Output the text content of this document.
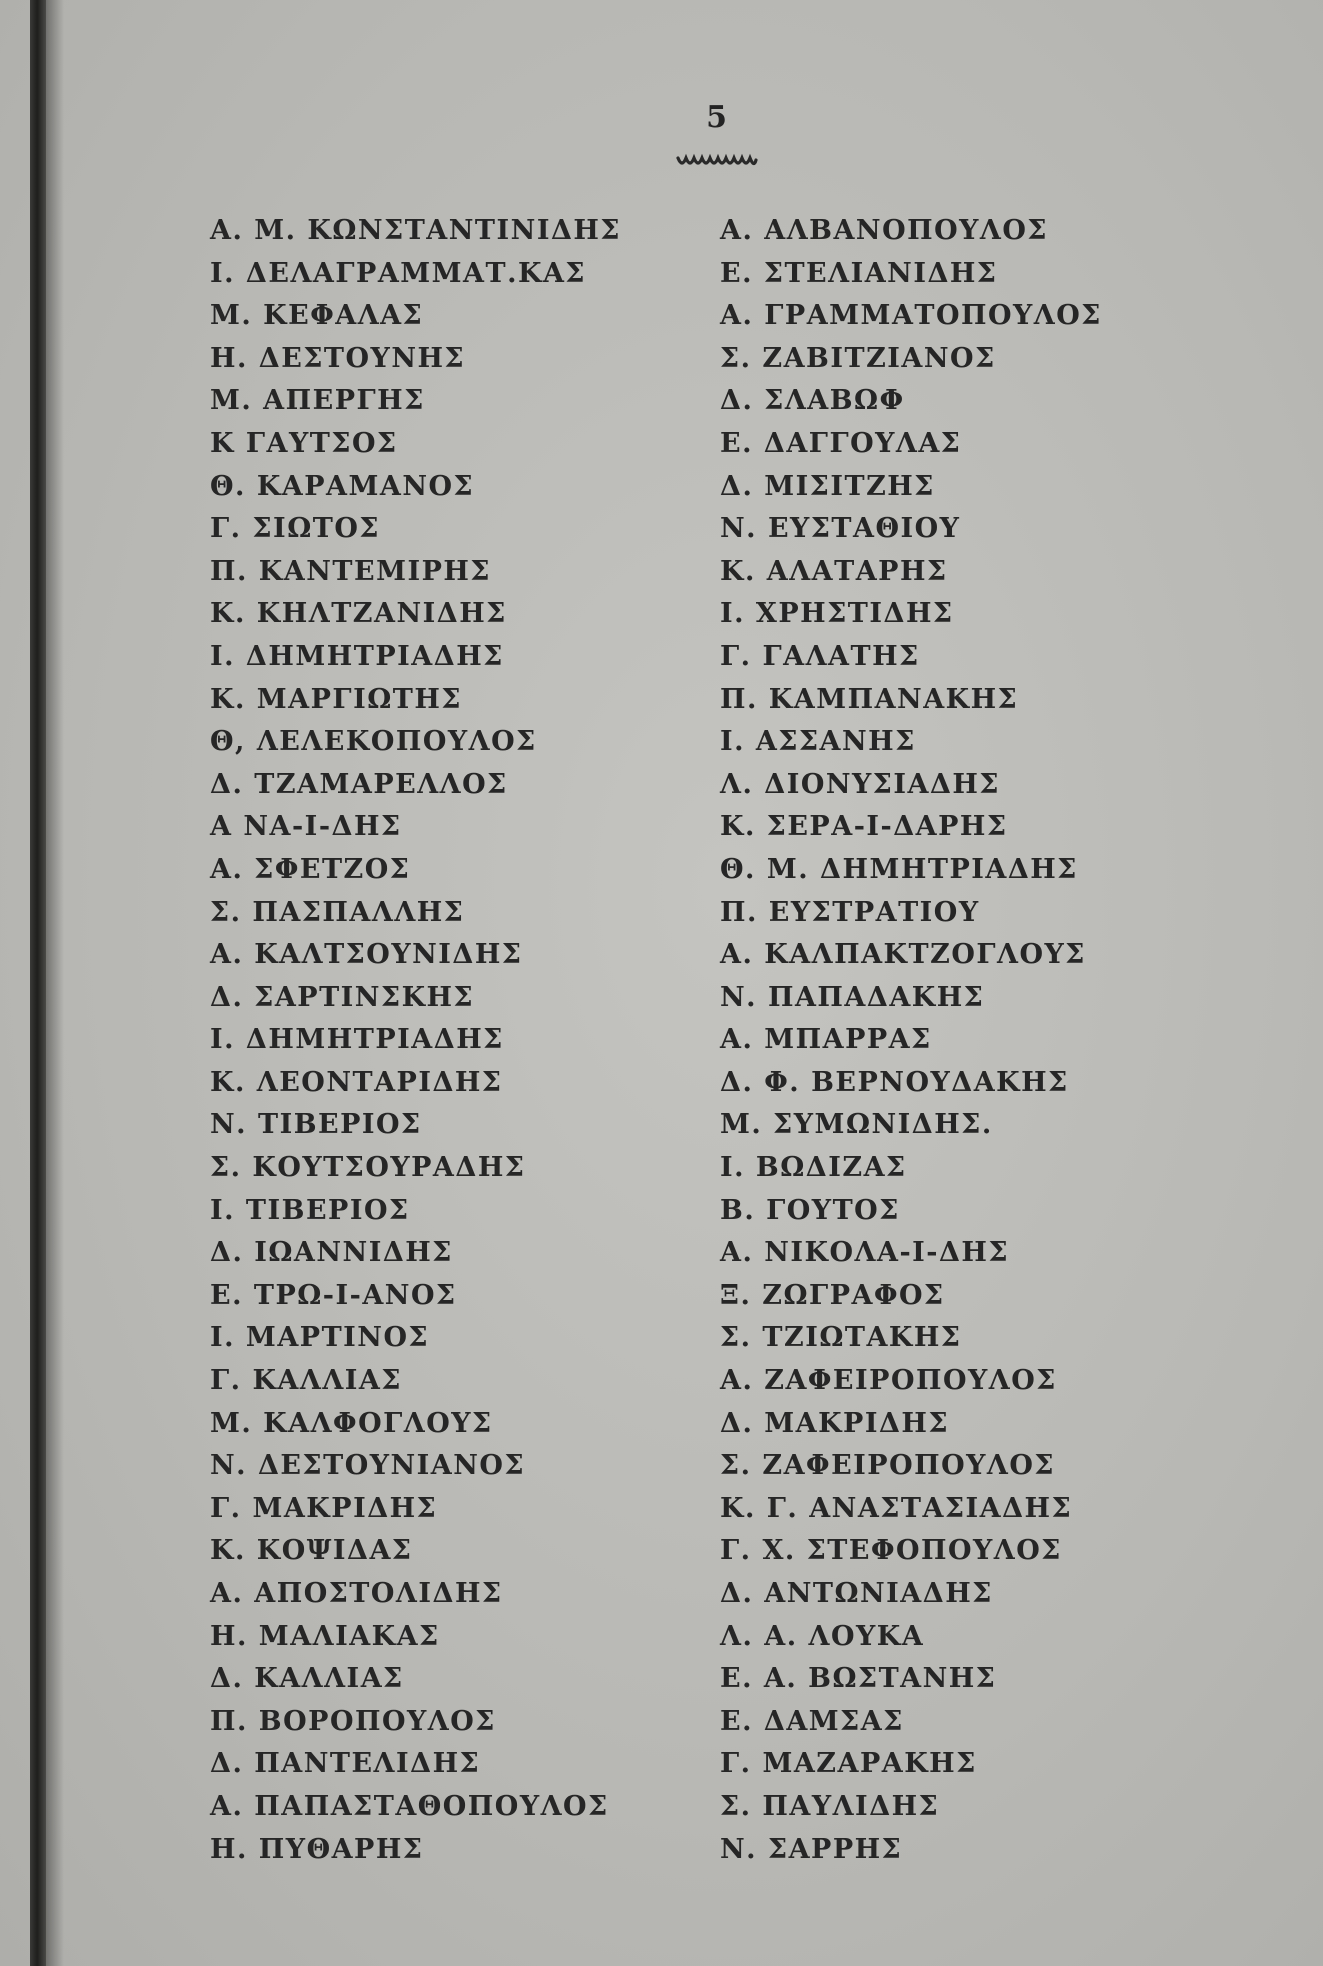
5
Α. Μ. ΚΩΝΣΤΑΝΤΙΝΙΔΗΣ
Ι. ΔΕΛΑΓΡΑΜΜΑΤ.ΚΑΣ
Μ. ΚΕΦΑΛΑΣ
Η. ΔΕΣΤΟΥΝΗΣ
Μ. ΑΠΕΡΓΗΣ
Κ ΓΑΥΤΣΟΣ
Θ. ΚΑΡΑΜΑΝΟΣ
Γ. ΣΙΩΤΟΣ
Π. ΚΑΝΤΕΜΙΡΗΣ
Κ. ΚΗΛΤΖΑΝΙΔΗΣ
Ι. ΔΗΜΗΤΡΙΑΔΗΣ
Κ. ΜΑΡΓΙΩΤΗΣ
Θ, ΛΕΛΕΚΟΠΟΥΛΟΣ
Δ. ΤΖΑΜΑΡΕΛΛΟΣ
Α ΝΑ-Ι-ΔΗΣ
Α. ΣΦΕΤΖΟΣ
Σ. ΠΑΣΠΑΛΛΗΣ
Α. ΚΑΛΤΣΟΥΝΙΔΗΣ
Δ. ΣΑΡΤΙΝΣΚΗΣ
Ι. ΔΗΜΗΤΡΙΑΔΗΣ
Κ. ΛΕΟΝΤΑΡΙΔΗΣ
Ν. ΤΙΒΕΡΙΟΣ
Σ. ΚΟΥΤΣΟΥΡΑΔΗΣ
Ι. ΤΙΒΕΡΙΟΣ
Δ. ΙΩΑΝΝΙΔΗΣ
Ε. ΤΡΩ-Ι-ΑΝΟΣ
Ι. ΜΑΡΤΙΝΟΣ
Γ. ΚΑΛΛΙΑΣ
Μ. ΚΑΛΦΟΓΛΟΥΣ
Ν. ΔΕΣΤΟΥΝΙΑΝΟΣ
Γ. ΜΑΚΡΙΔΗΣ
Κ. ΚΟΨΙΔΑΣ
Α. ΑΠΟΣΤΟΛΙΔΗΣ
Η. ΜΑΛΙΑΚΑΣ
Δ. ΚΑΛΛΙΑΣ
Π. ΒΟΡΟΠΟΥΛΟΣ
Δ. ΠΑΝΤΕΛΙΔΗΣ
Α. ΠΑΠΑΣΤΑΘΟΠΟΥΛΟΣ
Η. ΠΥΘΑΡΗΣ
Α. ΑΛΒΑΝΟΠΟΥΛΟΣ
Ε. ΣΤΕΛΙΑΝΙΔΗΣ
Α. ΓΡΑΜΜΑΤΟΠΟΥΛΟΣ
Σ. ΖΑΒΙΤΖΙΑΝΟΣ
Δ. ΣΛΑΒΩΦ
Ε. ΔΑΓΓΟΥΛΑΣ
Δ. ΜΙΣΙΤΖΗΣ
Ν. ΕΥΣΤΑΘΙΟΥ
Κ. ΑΛΑΤΑΡΗΣ
Ι. ΧΡΗΣΤΙΔΗΣ
Γ. ΓΑΛΑΤΗΣ
Π. ΚΑΜΠΑΝΑΚΗΣ
Ι. ΑΣΣΑΝΗΣ
Λ. ΔΙΟΝΥΣΙΑΔΗΣ
Κ. ΣΕΡΑ-Ι-ΔΑΡΗΣ
Θ. Μ. ΔΗΜΗΤΡΙΑΔΗΣ
Π. ΕΥΣΤΡΑΤΙΟΥ
Α. ΚΑΛΠΑΚΤΖΟΓΛΟΥΣ
Ν. ΠΑΠΑΔΑΚΗΣ
Α. ΜΠΑΡΡΑΣ
Δ. Φ. ΒΕΡΝΟΥΔΑΚΗΣ
Μ. ΣΥΜΩΝΙΔΗΣ.
Ι. ΒΩΔΙΖΑΣ
Β. ΓΟΥΤΟΣ
Α. ΝΙΚΟΛΑ-Ι-ΔΗΣ
Ξ. ΖΩΓΡΑΦΟΣ
Σ. ΤΖΙΩΤΑΚΗΣ
Α. ΖΑΦΕΙΡΟΠΟΥΛΟΣ
Δ. ΜΑΚΡΙΔΗΣ
Σ. ΖΑΦΕΙΡΟΠΟΥΛΟΣ
Κ. Γ. ΑΝΑΣΤΑΣΙΑΔΗΣ
Γ. Χ. ΣΤΕΦΟΠΟΥΛΟΣ
Δ. ΑΝΤΩΝΙΑΔΗΣ
Λ. Α. ΛΟΥΚΑ
Ε. Α. ΒΩΣΤΑΝΗΣ
Ε. ΔΑΜΣΑΣ
Γ. ΜΑΖΑΡΑΚΗΣ
Σ. ΠΑΥΛΙΔΗΣ
Ν. ΣΑΡΡΗΣ
